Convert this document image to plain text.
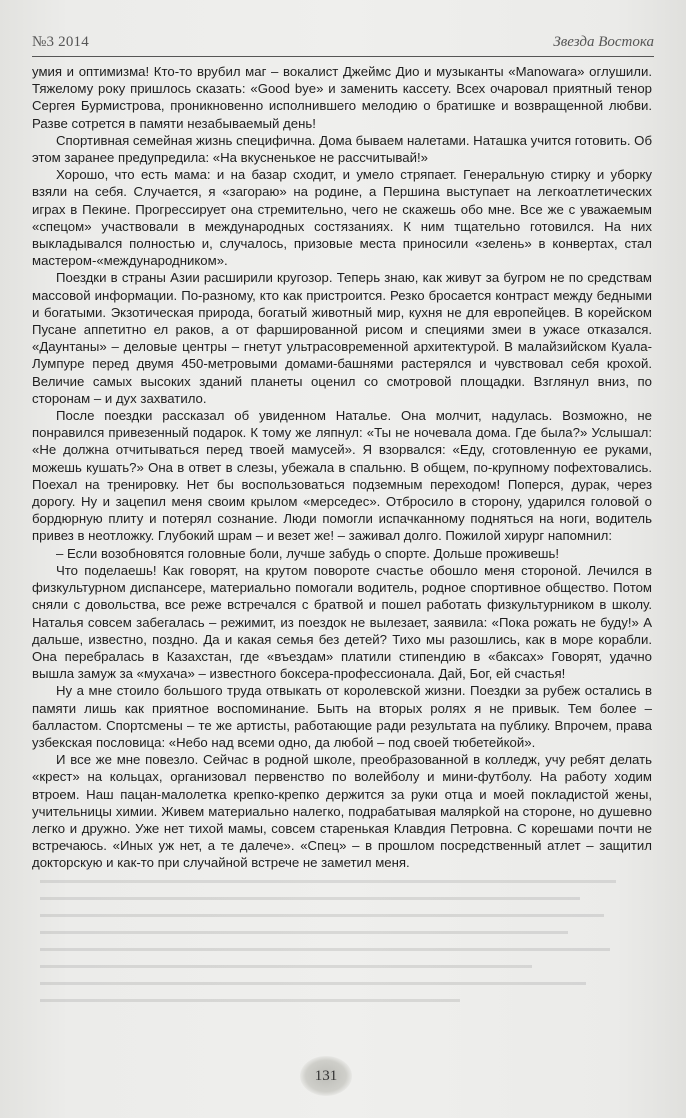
№3 2014	Звезда Востока

умия и оптимизма! Кто-то врубил маг – вокалист Джеймс Дио и музыканты «Manowara» оглушили. Тяжелому року пришлось сказать: «Good bye» и заменить кассету. Всех очаровал приятный тенор Сергея Бурмистрова, проникновенно исполнившего мелодию о братишке и возвращенной любви. Разве сотрется в памяти незабываемый день!

Спортивная семейная жизнь специфична. Дома бываем налетами. Наташка учится готовить. Об этом заранее предупредила: «На вкусненькое не рассчитывай!»

Хорошо, что есть мама: и на базар сходит, и умело стряпает. Генеральную стирку и уборку взяли на себя. Случается, я «загораю» на родине, а Першина выступает на легкоатлетических играх в Пекине. Прогрессирует она стремительно, чего не скажешь обо мне. Все же с уважаемым «спецом» участвовали в международных состязаниях. К ним тщательно готовился. На них выкладывался полностью и, случалось, призовые места приносили «зелень» в конвертах, стал мастером-«международником».

Поездки в страны Азии расширили кругозор. Теперь знаю, как живут за бугром не по средствам массовой информации. По-разному, кто как пристроится. Резко бросается контраст между бедными и богатыми. Экзотическая природа, богатый животный мир, кухня не для европейцев. В корейском Пусане аппетитно ел раков, а от фаршированной рисом и специями змеи в ужасе отказался. «Даунтаны» – деловые центры – гнетут ультрасовременной архитектурой. В малайзийском Куала-Лумпуре перед двумя 450-метровыми домами-башнями растерялся и чувствовал себя крохой. Величие самых высоких зданий планеты оценил со смотровой площадки. Взглянул вниз, по сторонам – и дух захватило.

После поездки рассказал об увиденном Наталье. Она молчит, надулась. Возможно, не понравился привезенный подарок. К тому же ляпнул: «Ты не ночевала дома. Где была?» Услышал: «Не должна отчитываться перед твоей мамусей». Я взорвался: «Еду, сготовленную ее руками, можешь кушать?» Она в ответ в слезы, убежала в спальню. В общем, по-крупному пофехтовались. Поехал на тренировку. Нет бы воспользоваться подземным переходом! Поперся, дурак, через дорогу. Ну и зацепил меня своим крылом «мерседес». Отбросило в сторону, ударился головой о бордюрную плиту и потерял сознание. Люди помогли испачканному подняться на ноги, водитель привез в неотложку. Глубокий шрам – и везет же! – заживал долго. Пожилой хирург напомнил:

– Если возобновятся головные боли, лучше забудь о спорте. Дольше проживешь!

Что поделаешь! Как говорят, на крутом повороте счастье обошло меня стороной. Лечился в физкультурном диспансере, материально помогали водитель, родное спортивное общество. Потом сняли с довольства, все реже встречался с братвой и пошел работать физкультурником в школу. Наталья совсем забегалась – режимит, из поездок не вылезает, заявила: «Пока рожать не буду!» А дальше, известно, поздно. Да и какая семья без детей? Тихо мы разошлись, как в море корабли. Она перебралась в Казахстан, где «въездам» платили стипендию в «баксах» Говорят, удачно вышла замуж за «мухача» – известного боксера-профессионала. Дай, Бог, ей счастья!

Ну а мне стоило большого труда отвыкать от королевской жизни. Поездки за рубеж остались в памяти лишь как приятное воспоминание. Быть на вторых ролях я не привык. Тем более – балластом. Спортсмены – те же артисты, работающие ради результата на публику. Впрочем, права узбекская пословица: «Небо над всеми одно, да любой – под своей тюбетейкой».

И все же мне повезло. Сейчас в родной школе, преобразованной в колледж, учу ребят делать «крест» на кольцах, организовал первенство по волейболу и мини-футболу. На работу ходим втроем. Наш пацан-малолетка крепко-крепко держится за руки отца и моей покладистой жены, учительницы химии. Живем материально налегко, подрабатывая малярkой на стороне, но душевно легко и дружно. Уже нет тихой мамы, совсем старенькая Клавдия Петровна. С корешами почти не встречаюсь. «Иных уж нет, а те далече». «Спец» – в прошлом посредственный атлет – защитил докторскую и как-то при случайной встрече не заметил меня.

131
